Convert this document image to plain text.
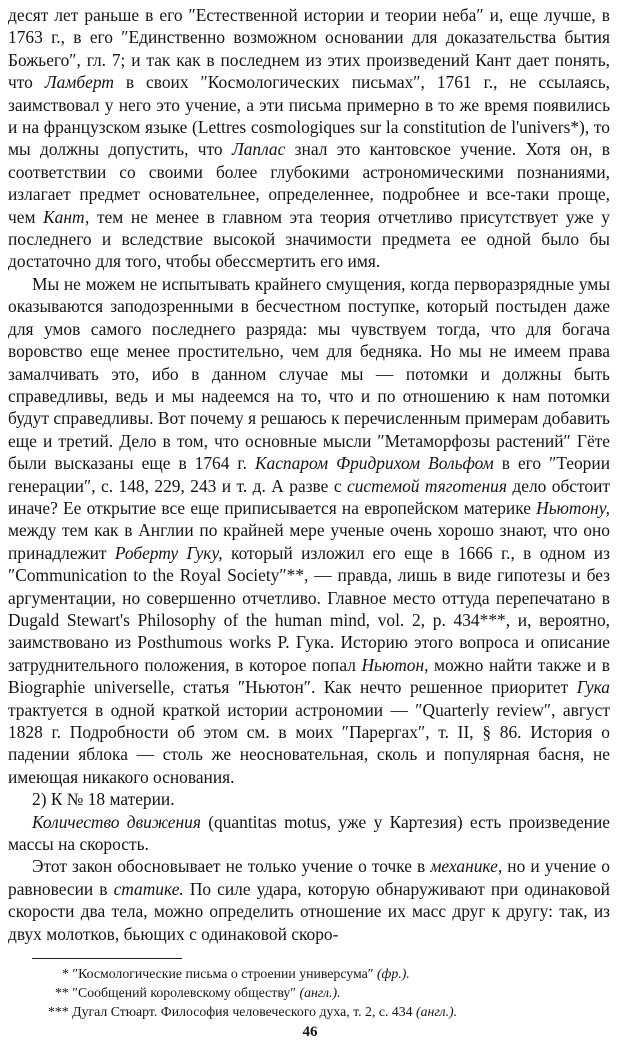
десят лет раньше в его ″Естественной истории и теории неба″ и, еще лучше, в 1763 г., в его ″Единственно возможном основании для доказательства бытия Божьего″, гл. 7; и так как в последнем из этих произведений Кант дает понять, что Ламберт в своих ″Космологических письмах″, 1761 г., не ссылаясь, заимствовал у него это учение, а эти письма примерно в то же время появились и на французском языке (Lettres cosmologiques sur la constitution de l'univers*), то мы должны допустить, что Лаплас знал это кантовское учение. Хотя он, в соответствии со своими более глубокими астрономическими познаниями, излагает предмет основательнее, определеннее, подробнее и все-таки проще, чем Кант, тем не менее в главном эта теория отчетливо присутствует уже у последнего и вследствие высокой значимости предмета ее одной было бы достаточно для того, чтобы обессмертить его имя.

Мы не можем не испытывать крайнего смущения, когда перворазрядные умы оказываются заподозренными в бесчестном поступке, который постыден даже для умов самого последнего разряда: мы чувствуем тогда, что для богача воровство еще менее простительно, чем для бедняка. Но мы не имеем права замалчивать это, ибо в данном случае мы — потомки и должны быть справедливы, ведь и мы надеемся на то, что и по отношению к нам потомки будут справедливы. Вот почему я решаюсь к перечисленным примерам добавить еще и третий. Дело в том, что основные мысли ″Метаморфозы растений″ Гёте были высказаны еще в 1764 г. Каспаром Фридрихом Вольфом в его ″Теории генерации″, с. 148, 229, 243 и т. д. А разве с системой тяготения дело обстоит иначе? Ее открытие все еще приписывается на европейском материке Ньютону, между тем как в Англии по крайней мере ученые очень хорошо знают, что оно принадлежит Роберту Гуку, который изложил его еще в 1666 г., в одном из ″Communication to the Royal Society″**, — правда, лишь в виде гипотезы и без аргументации, но совершенно отчетливо. Главное место оттуда перепечатано в Dugald Stewart's Philosophy of the human mind, vol. 2, p. 434***, и, вероятно, заимствовано из Posthumous works P. Гука. Историю этого вопроса и описание затруднительного положения, в которое попал Ньютон, можно найти также и в Biographie universelle, статья ″Ньютон″. Как нечто решенное приоритет Гука трактуется в одной краткой истории астрономии — ″Quarterly review″, август 1828 г. Подробности об этом см. в моих ″Парергах″, т. II, § 86. История о падении яблока — столь же неосновательная, сколь и популярная басня, не имеющая никакого основания.

2) К № 18 материи.

Количество движения (quantitas motus, уже у Картезия) есть произведение массы на скорость.

Этот закон обосновывает не только учение о точке в механике, но и учение о равновесии в статике. По силе удара, которую обнаруживают при одинаковой скорости два тела, можно определить отношение их масс друг к другу: так, из двух молотков, бьющих с одинаковой скоро-

* ″Космологические письма о строении универсума″ (фр.).
** ″Сообщений королевскому обществу″ (англ.).
*** Дугал Стюарт. Философия человеческого духа, т. 2, с. 434 (англ.).
46
